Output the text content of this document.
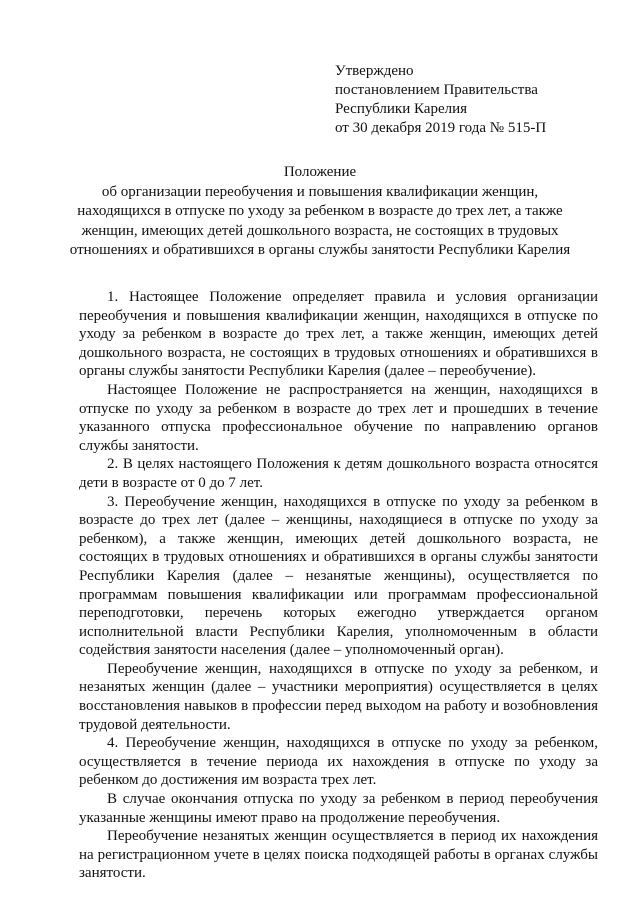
Утверждено
постановлением Правительства
Республики Карелия
от 30 декабря 2019 года № 515-П
Положение
об организации переобучения и повышения квалификации женщин,
находящихся в отпуске по уходу за ребенком в возрасте до трех лет, а также
женщин, имеющих детей дошкольного возраста, не состоящих в трудовых
отношениях и обратившихся в органы службы занятости Республики Карелия

1. Настоящее Положение определяет правила и условия организации переобучения и повышения квалификации женщин, находящихся в отпуске по уходу за ребенком в возрасте до трех лет, а также женщин, имеющих детей дошкольного возраста, не состоящих в трудовых отношениях и обратившихся в органы службы занятости Республики Карелия (далее – переобучение).

Настоящее Положение не распространяется на женщин, находящихся в отпуске по уходу за ребенком в возрасте до трех лет и прошедших в течение указанного отпуска профессиональное обучение по направлению органов службы занятости.

2. В целях настоящего Положения к детям дошкольного возраста относятся дети в возрасте от 0 до 7 лет.

3. Переобучение женщин, находящихся в отпуске по уходу за ребенком в возрасте до трех лет (далее – женщины, находящиеся в отпуске по уходу за ребенком), а также женщин, имеющих детей дошкольного возраста, не состоящих в трудовых отношениях и обратившихся в органы службы занятости Республики Карелия (далее – незанятые женщины), осуществляется по программам повышения квалификации или программам профессиональной переподготовки, перечень которых ежегодно утверждается органом исполнительной власти Республики Карелия, уполномоченным в области содействия занятости населения (далее – уполномоченный орган).

Переобучение женщин, находящихся в отпуске по уходу за ребенком, и незанятых женщин (далее – участники мероприятия) осуществляется в целях восстановления навыков в профессии перед выходом на работу и возобновления трудовой деятельности.

4. Переобучение женщин, находящихся в отпуске по уходу за ребенком, осуществляется в течение периода их нахождения в отпуске по уходу за ребенком до достижения им возраста трех лет.

В случае окончания отпуска по уходу за ребенком в период переобучения указанные женщины имеют право на продолжение переобучения.

Переобучение незанятых женщин осуществляется в период их нахождения на регистрационном учете в целях поиска подходящей работы в органах службы занятости.
